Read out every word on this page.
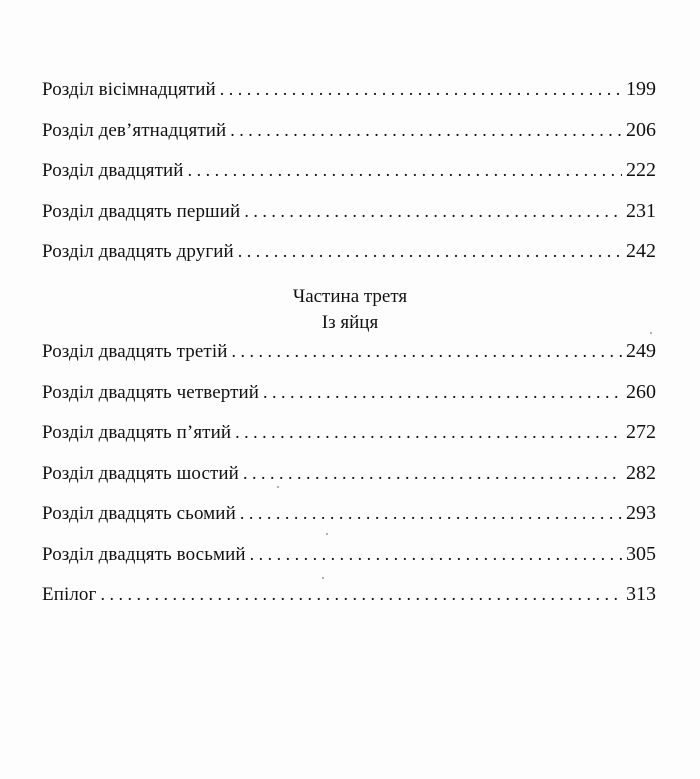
Розділ вісімнадцятий . . .	199
Розділ дев’ятнадцятий . . .	206
Розділ двадцятий . . .	222
Розділ двадцять перший . . .	231
Розділ двадцять другий . . .	242
Частина третя
Із яйця
Розділ двадцять третій . . .	249
Розділ двадцять четвертий . . .	260
Розділ двадцять п’ятий . . .	272
Розділ двадцять шостий . . .	282
Розділ двадцять сьомий . . .	293
Розділ двадцять восьмий . . .	305
Епілог . . .	313
